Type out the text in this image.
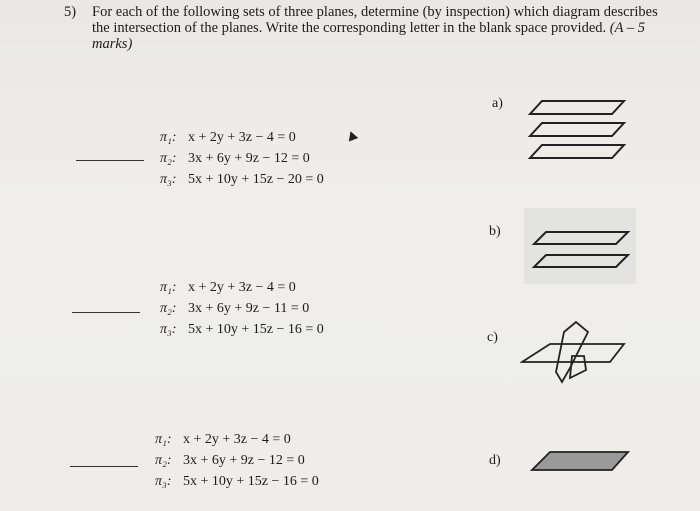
5) For each of the following sets of three planes, determine (by inspection) which diagram describes the intersection of the planes. Write the corresponding letter in the blank space provided. (A – 5 marks)
π₁: x + 2y + 3z − 4 = 0
π₂: 3x + 6y + 9z − 12 = 0
π₃: 5x + 10y + 15z − 20 = 0
π₁: x + 2y + 3z − 4 = 0
π₂: 3x + 6y + 9z − 11 = 0
π₃: 5x + 10y + 15z − 16 = 0
π₁: x + 2y + 3z − 4 = 0
π₂: 3x + 6y + 9z − 12 = 0
π₃: 5x + 10y + 15z − 16 = 0
a)
b)
c)
d)
